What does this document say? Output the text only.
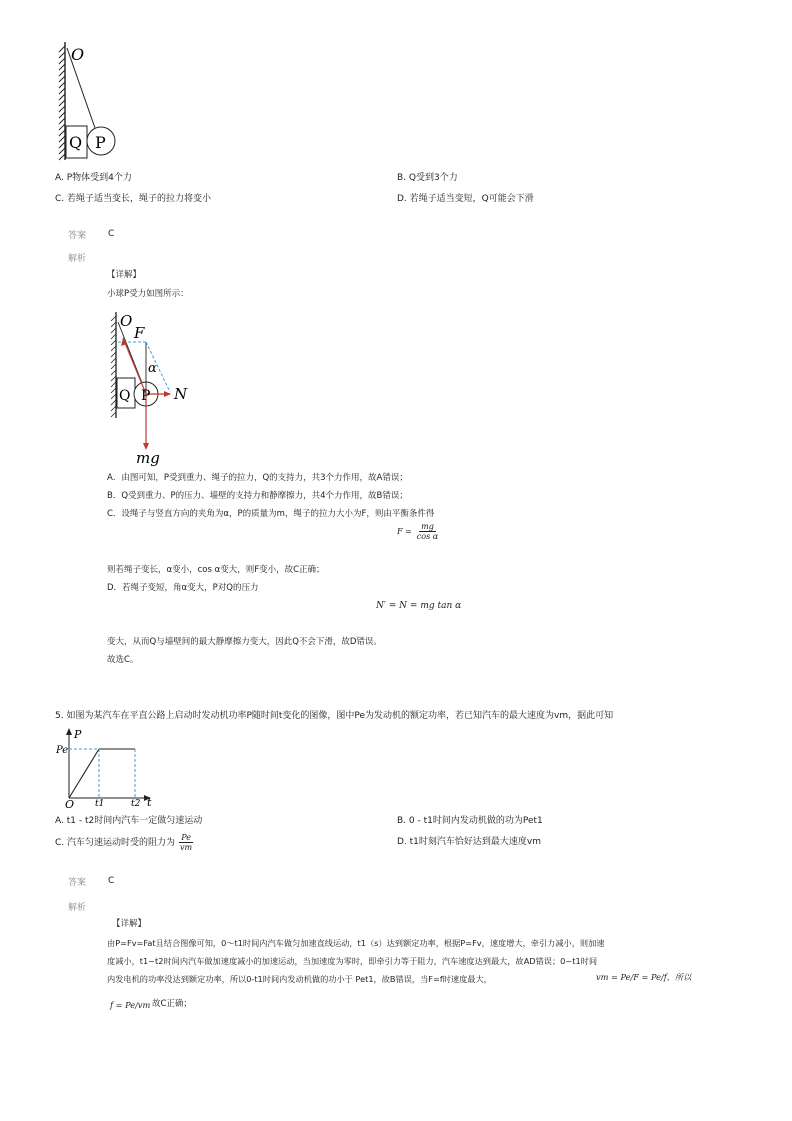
O
Q P
A. P物体受到4个力	B. Q受到3个力
C. 若绳子适当变长，绳子的拉力将变小	D. 若绳子适当变短，Q可能会下滑
答案 C
解析
【详解】
小球P受力如图所示：
O
F
α
Q P N
mg
A．由图可知，P受到重力、绳子的拉力，Q的支持力，共3个力作用，故A错误；
B．Q受到重力、P的压力、墙壁的支持力和静摩擦力，共4个力作用，故B错误；
C．设绳子与竖直方向的夹角为α，P的质量为m，绳子的拉力大小为F，则由平衡条件得
$F = \frac{mg}{\text{cos α}}$
则若绳子变长，α变小，cos α变大，则F变小，故C正确；
D．若绳子变短，角α变大，P对Q的压力
N′ = N = mg tan α
变大，从而Q与墙壁间的最大静摩擦力变大，因此Q不会下滑，故D错误。
故选C。
5. 如图为某汽车在平直公路上启动时发动机功率P随时间t变化的图像，图中Pe为发动机的额定功率，若已知汽车的最大速度为vm，据此可知
P
Pe
O t1	t2 t
A. t1 - t2时间内汽车一定做匀速运动	B. 0 - t1时间内发动机做的功为Pet1
C. 汽车匀速运动时受的阻力为 $\frac{Pe}{vm}$	D. t1时刻汽车恰好达到最大速度vm
答案 C
解析
【详解】
由P=Fv=Fat且结合图像可知，0～t1时间内汽车做匀加速直线运动，t1（s）达到额定功率，根据P=Fv，速度增大，牵引力减小，则加速
度减小，t1~t2时间内汽车做加速度减小的加速运动，当加速度为零时，即牵引力等于阻力，汽车速度达到最大，故AD错误；0~t1时间
内发电机的功率没达到额定功率，所以0-t1时间内发动机做的功小于 Pet1，故B错误，当F=f时速度最大，	vm = Pe/F = Pe/f，所以
f = Pe/vm 故C正确；
